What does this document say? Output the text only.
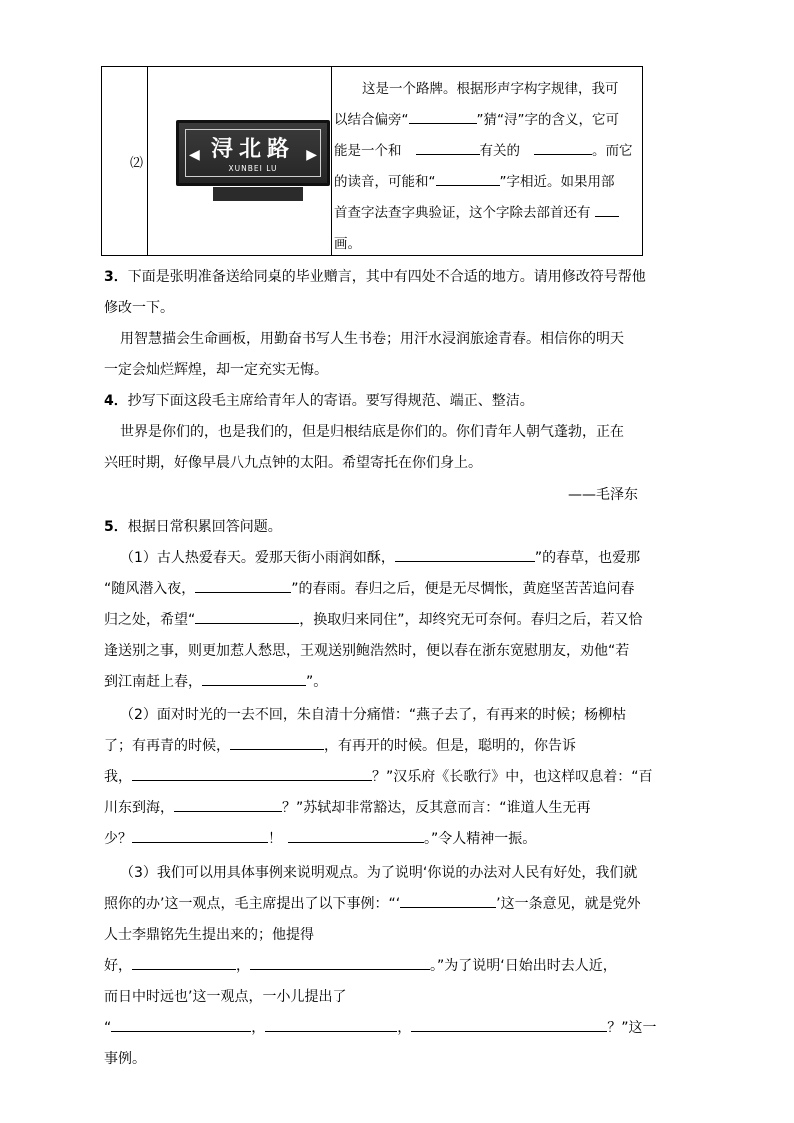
⑵
◀ 浔北路
XUNBEI LU
▶
这是一个路牌。根据形声字构字规律，我可
以结合偏旁“	”猜“浔”字的含义，它可
能是一个和	有关的	。而它
的读音，可能和“	”字相近。如果用部
首查字法查字典验证，这个字除去部首还有
画。
3．下面是张明准备送给同桌的毕业赠言，其中有四处不合适的地方。请用修改符号帮他
修改一下。
用智慧描会生命画板，用勤奋书写人生书卷；用汗水浸润旅途青春。相信你的明天
一定会灿烂辉煌，却一定充实无悔。
4．抄写下面这段毛主席给青年人的寄语。要写得规范、端正、整洁。
世界是你们的，也是我们的，但是归根结底是你们的。你们青年人朝气蓬勃，正在
兴旺时期，好像早晨八九点钟的太阳。希望寄托在你们身上。
——毛泽东
5．根据日常积累回答问题。
（1）古人热爱春天。爱那天街小雨润如酥，	”的春草，也爱那
“随风潜入夜，	”的春雨。春归之后，便是无尽惆怅，黄庭坚苦苦追问春
归之处，希望“	，换取归来同住”，却终究无可奈何。春归之后，若又恰
逢送别之事，则更加惹人愁思，王观送别鲍浩然时，便以春在浙东宽慰朋友，劝他“若
到江南赶上春，	”。
（2）面对时光的一去不回，朱自清十分痛惜：“燕子去了，有再来的时候；杨柳枯
了；有再青的时候，	，有再开的时候。但是，聪明的，你告诉
我，	？”汉乐府《长歌行》中，也这样叹息着：“百
川东到海，	？”苏轼却非常豁达，反其意而言：“谁道人生无再
少？	！	。”令人精神一振。
（3）我们可以用具体事例来说明观点。为了说明‘你说的办法对人民有好处，我们就
照你的办’这一观点，毛主席提出了以下事例：“‘	’这一条意见，就是党外
人士李鼎铭先生提出来的；他提得
好，	，	。”为了说明‘日始出时去人近，
而日中时远也’这一观点，一小儿提出了
“	，	，	？”这一
事例。
